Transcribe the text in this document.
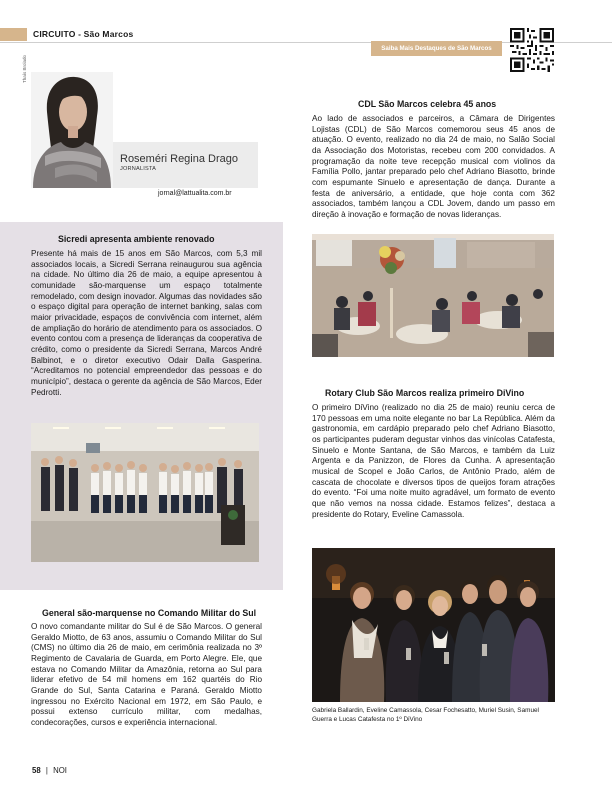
CIRCUITO - São Marcos
Saiba Mais Destaques de São Marcos
Thaís Brolado
Roseméri Regina Drago
JORNALISTA
jornal@lattualita.com.br
Sicredi apresenta ambiente renovado
Presente há mais de 15 anos em São Marcos, com 5,3 mil associados locais, a Sicredi Serrana reinaugurou sua agência na cidade. No último dia 26 de maio, a equipe apresentou à comunidade são-marquense um espaço totalmente remodelado, com design inovador. Algumas das novidades são o espaço digital para operação de internet banking, salas com maior privacidade, espaços de convivência com internet, além de ampliação do horário de atendimento para os associados. O evento contou com a presença de lideranças da cooperativa de crédito, como o presidente da Sicredi Serrana, Marcos André Balbinot, e o diretor executivo Odair Dalla Gasperina. “Acreditamos no potencial empreendedor das pessoas e do município”, destaca o gerente da agência de São Marcos, Eder Pedrotti.
General são-marquense no Comando Militar do Sul
O novo comandante militar do Sul é de São Marcos. O general Geraldo Miotto, de 63 anos, assumiu o Comando Militar do Sul (CMS) no último dia 26 de maio, em cerimônia realizada no 3º Regimento de Cavalaria de Guarda, em Porto Alegre. Ele, que estava no Comando Militar da Amazônia, retorna ao Sul para liderar efetivo de 54 mil homens em 162 quartéis do Rio Grande do Sul, Santa Catarina e Paraná. Geraldo Miotto ingressou no Exército Nacional em 1972, em São Paulo, e possui extenso currículo militar, com medalhas, condecorações, cursos e experiência internacional.
CDL São Marcos celebra 45 anos
Ao lado de associados e parceiros, a Câmara de Dirigentes Lojistas (CDL) de São Marcos comemorou seus 45 anos de atuação. O evento, realizado no dia 24 de maio, no Salão Social da Associação dos Motoristas, recebeu com 200 convidados. A programação da noite teve recepção musical com violinos da Família Pollo, jantar preparado pelo chef Adriano Biasotto, brinde com espumante Sinuelo e apresentação de dança. Durante a festa de aniversário, a entidade, que hoje conta com 362 associados, também lançou a CDL Jovem, dando um passo em direção à inovação e formação de novas lideranças.
Rotary Club São Marcos realiza primeiro DiVino
O primeiro DiVino (realizado no dia 25 de maio) reuniu cerca de 170 pessoas em uma noite elegante no bar La República. Além da gastronomia, em cardápio preparado pelo chef Adriano Biasotto, os participantes puderam degustar vinhos das vinícolas Catafesta, Sinuelo e Monte Santana, de São Marcos, e também da Luiz Argenta e da Panizzon, de Flores da Cunha. A apresentação musical de Scopel e João Carlos, de Antônio Prado, além de cascata de chocolate e diversos tipos de queijos foram atrações do evento. “Foi uma noite muito agradável, um formato de evento que não vemos na nossa cidade. Estamos felizes”, destaca a presidente do Rotary, Eveline Camassola.
Gabriela Ballardin, Eveline Camassola, Cesar Fochesatto, Muriel Susin, Samuel Guerra e Lucas Catafesta no 1º DiVino
58 | NOI
